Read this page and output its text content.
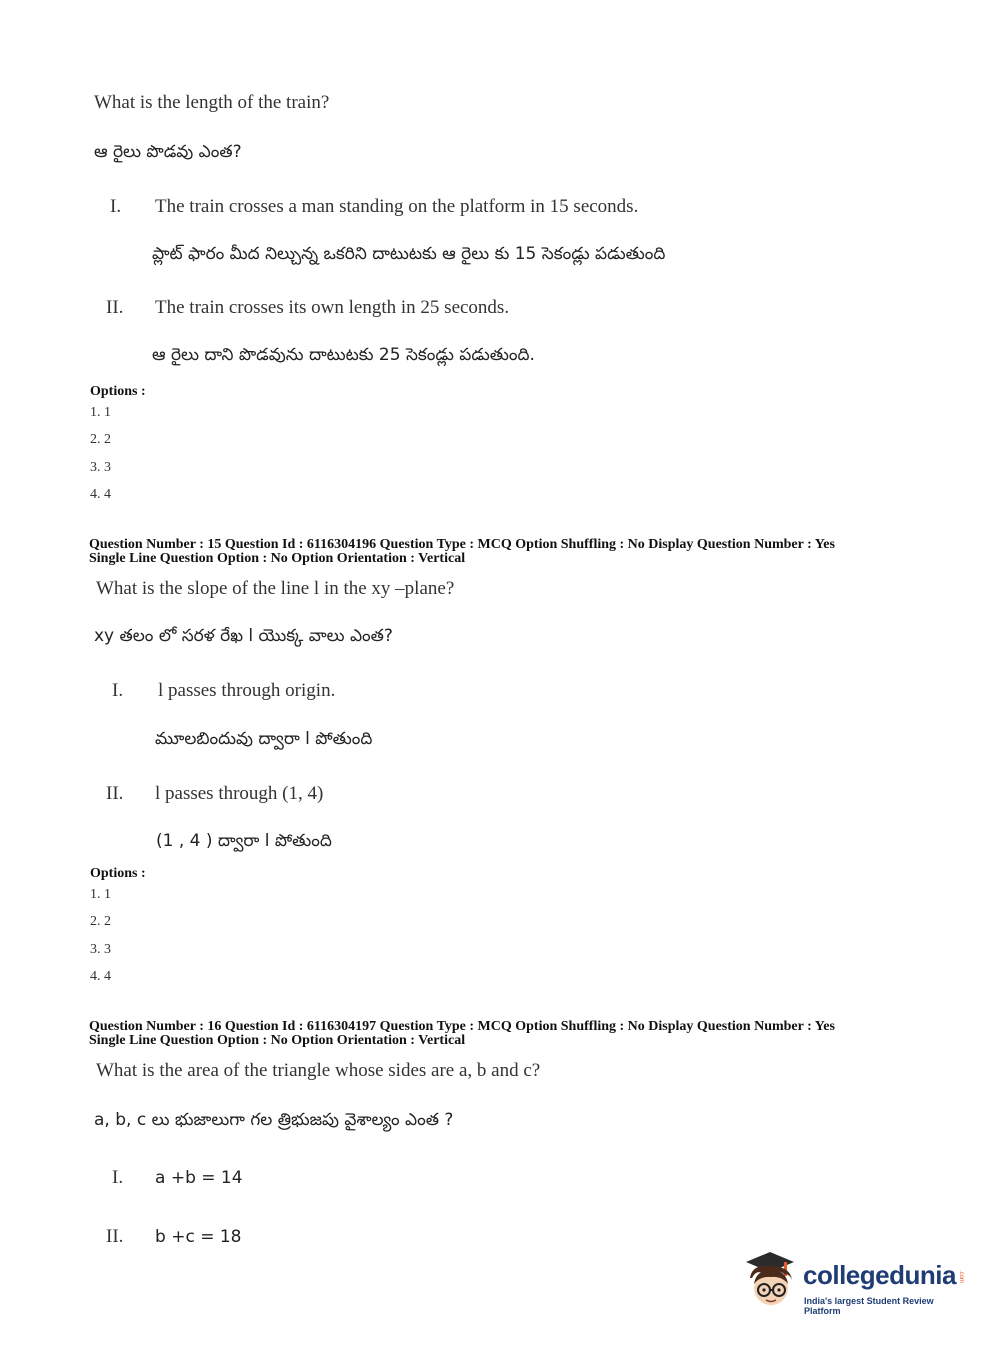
What is the length of the train?
ఆ రైలు పొడవు ఎంత?
I. The train crosses a man standing on the platform in 15 seconds.
ప్లాట్ ఫారం మీద నిల్చున్న ఒకరిని దాటుటకు ఆ రైలు కు 15 సెకండ్లు పడుతుంది
II. The train crosses its own length in 25 seconds.
ఆ రైలు దాని పొడవును దాటుటకు 25 సెకండ్లు పడుతుంది.
Options :
1. 1
2. 2
3. 3
4. 4
Question Number : 15 Question Id : 6116304196 Question Type : MCQ Option Shuffling : No Display Question Number : Yes
Single Line Question Option : No Option Orientation : Vertical
What is the slope of the line l in the xy –plane?
xy తలం లో సరళ రేఖ l యొక్క వాలు ఎంత?
I. l passes through origin.
మూలబిందువు ద్వారా l పోతుంది
II. l passes through (1, 4)
(1 , 4 ) ద్వారా l పోతుంది
Options :
1. 1
2. 2
3. 3
4. 4
Question Number : 16 Question Id : 6116304197 Question Type : MCQ Option Shuffling : No Display Question Number : Yes
Single Line Question Option : No Option Orientation : Vertical
What is the area of the triangle whose sides are a, b and c?
a, b, c లు భుజాలుగా గల త్రిభుజపు వైశాల్యం ఎంత ?
I. a +b = 14
II. b +c = 18
collegedunia .com
India's largest Student Review Platform
